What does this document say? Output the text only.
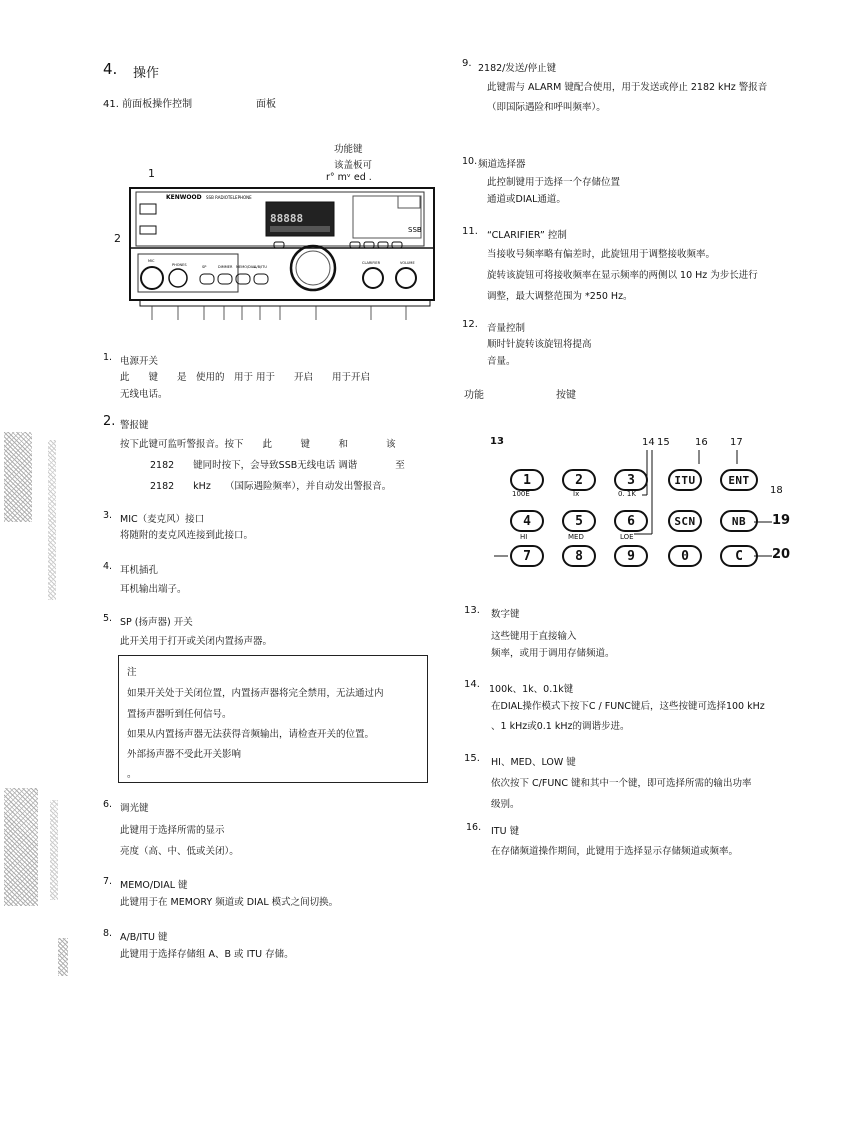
4. 操作
41. 前面板操作控制	面板
功能键
该盖板可
r° mᵛ ed .
1
2
KENWOOD SSB RADIOTELEPHONE
88888
SSB
MIC
PHONES	SP	DIMMER MEMO/DIAL
A/B/ITU
CLARIFIER	VOLUME
1. 电源开关
此　　键　　是　使用的　用于 用于　　开启　　用于开启
无线电话。
2. 警报键
按下此键可监听警报音。按下　　此　　　键　　　和　　　　该
2182　　键同时按下，会导致SSB无线电话 调谐　　　　至
2182　　kHz　　（国际遇险频率），并自动发出警报音。
3. MIC（麦克风）接口
将随附的麦克风连接到此接口。
4. 耳机插孔
耳机输出端子。
5. SP (扬声器) 开关
此开关用于打开或关闭内置扬声器。
注
如果开关处于关闭位置，内置扬声器将完全禁用，无法通过内
置扬声器听到任何信号。
如果从内置扬声器无法获得音频输出，请检查开关的位置。
外部扬声器不受此开关影响
。
6. 调光键
此键用于选择所需的显示
亮度（高、中、低或关闭）。
7. MEMO/DIAL 键
此键用于在 MEMORY 频道或 DIAL 模式之间切换。
8. A/B/ITU 键
此键用于选择存储组 A、B 或 ITU 存储。
9. 2182/发送/停止键
此键需与 ALARM 键配合使用，用于发送或停止 2182 kHz 警报音
（即国际遇险和呼叫频率）。
10. 频道选择器
此控制键用于选择一个存储位置
通道或DIAL通道。
11. “CLARIFIER” 控制
当接收号频率略有偏差时，此旋钮用于调整接收频率。
旋转该旋钮可将接收频率在显示频率的两侧以 10 Hz 为步长进行
调整，最大调整范围为 *250 Hz。
12. 音量控制
顺时针旋转该旋钮将提高
音量。
功能	按键
13	14 15	16 17
18
19
20
1	2	3	ITU	ENT
100E	Ix	0. 1K
4	5	6	SCN	NB
HI	MED	LOE
7	8	9	0	C
13. 数字键
这些键用于直接输入
频率，或用于调用存储频道。
14. 100k、1k、0.1k键
在DIAL操作模式下按下C / FUNC键后，这些按键可选择100 kHz
、1 kHz或0.1 kHz的调谐步进。
15. HI、MED、LOW 键
依次按下 C/FUNC 键和其中一个键，即可选择所需的输出功率
级别。
16. ITU 键
在存储频道操作期间，此键用于选择显示存储频道或频率。
